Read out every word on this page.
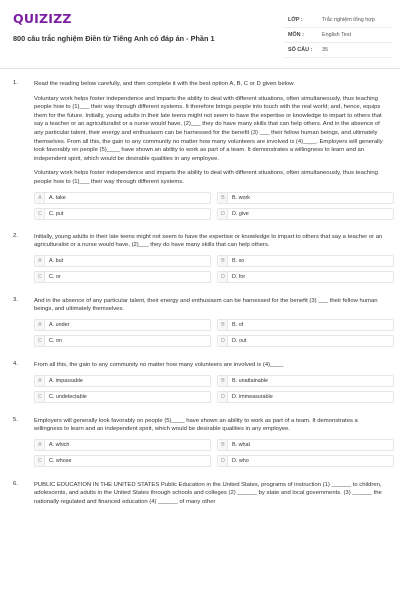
QUIZIZZ
800 câu trắc nghiệm Điền từ Tiếng Anh có đáp án - Phần 1
LỚP :	Trắc nghiệm tổng hợp
MÔN :	English Test
SỐ CÂU :	35
1.	Read the reading below carefully, and then complete it with the best option A, B, C or D given below.

Voluntary work helps foster independence and imparts the ability to deal with different situations, often simultaneously, thus teaching people how to (1)___ their way through different systems. It therefore brings people into touch with the real world; and, hence, equips them for the future. Initially, young adults in their late teens might not seem to have the expertise or knowledge to impart to others that say a teacher or an agriculturalist or a nurse would have, (2)___ they do have many skills that can help others. And in the absence of any particular talent, their energy and enthusiasm can be harnessed for the benefit (3) ___ their fellow human beings, and ultimately themselves. From all this, the gain to any community no matter how many volunteers are involved is (4)____. Employers will generally look favorably on people (5)____ have shown an ability to work as part of a team. It demonstrates a willingness to learn and an independent spirit, which would be desirable qualities in any employee.

Voluntary work helps foster independence and imparts the ability to deal with different situations, often simultaneously, thus teaching people how to (1)___ their way through different systems.

A	A. take	B	B. work
C	C. put	D	D. give
2.	Initially, young adults in their late teens might not seem to have the expertise or knowledge to impart to others that say a teacher or an agriculturalist or a nurse would have, (2)___ they do have many skills that can help others.

A	A. but	B	B. so
C	C. or	D	D. for
3.	And in the absence of any particular talent, their energy and enthusiasm can be harnessed for the benefit (3) ___ their fellow human beings, and ultimately themselves.

A	A. under	B	B. of
C	C. on	D	D. out
4.	From all this, the gain to any community no matter how many volunteers are involved is (4)____

A	A. impassable	B	B. unattainable
C	C. undetectable	D	D. immeasurable
5.	Employers will generally look favorably on people (5)____ have shown an ability to work as part of a team. It demonstrates a willingness to learn and an independent spirit, which would be desirable qualities in any employee.

A	A. which	B	B. what
C	C. whose	D	D. who
6.	PUBLIC EDUCATION IN THE UNITED STATES Public Education in the United States, programs of instruction (1) ______ to children, adolescents, and adults in the United States through schools and colleges (2) ______ by state and local governments. (3) ______ the nationally regulated and financed education (4) ______ of many other
